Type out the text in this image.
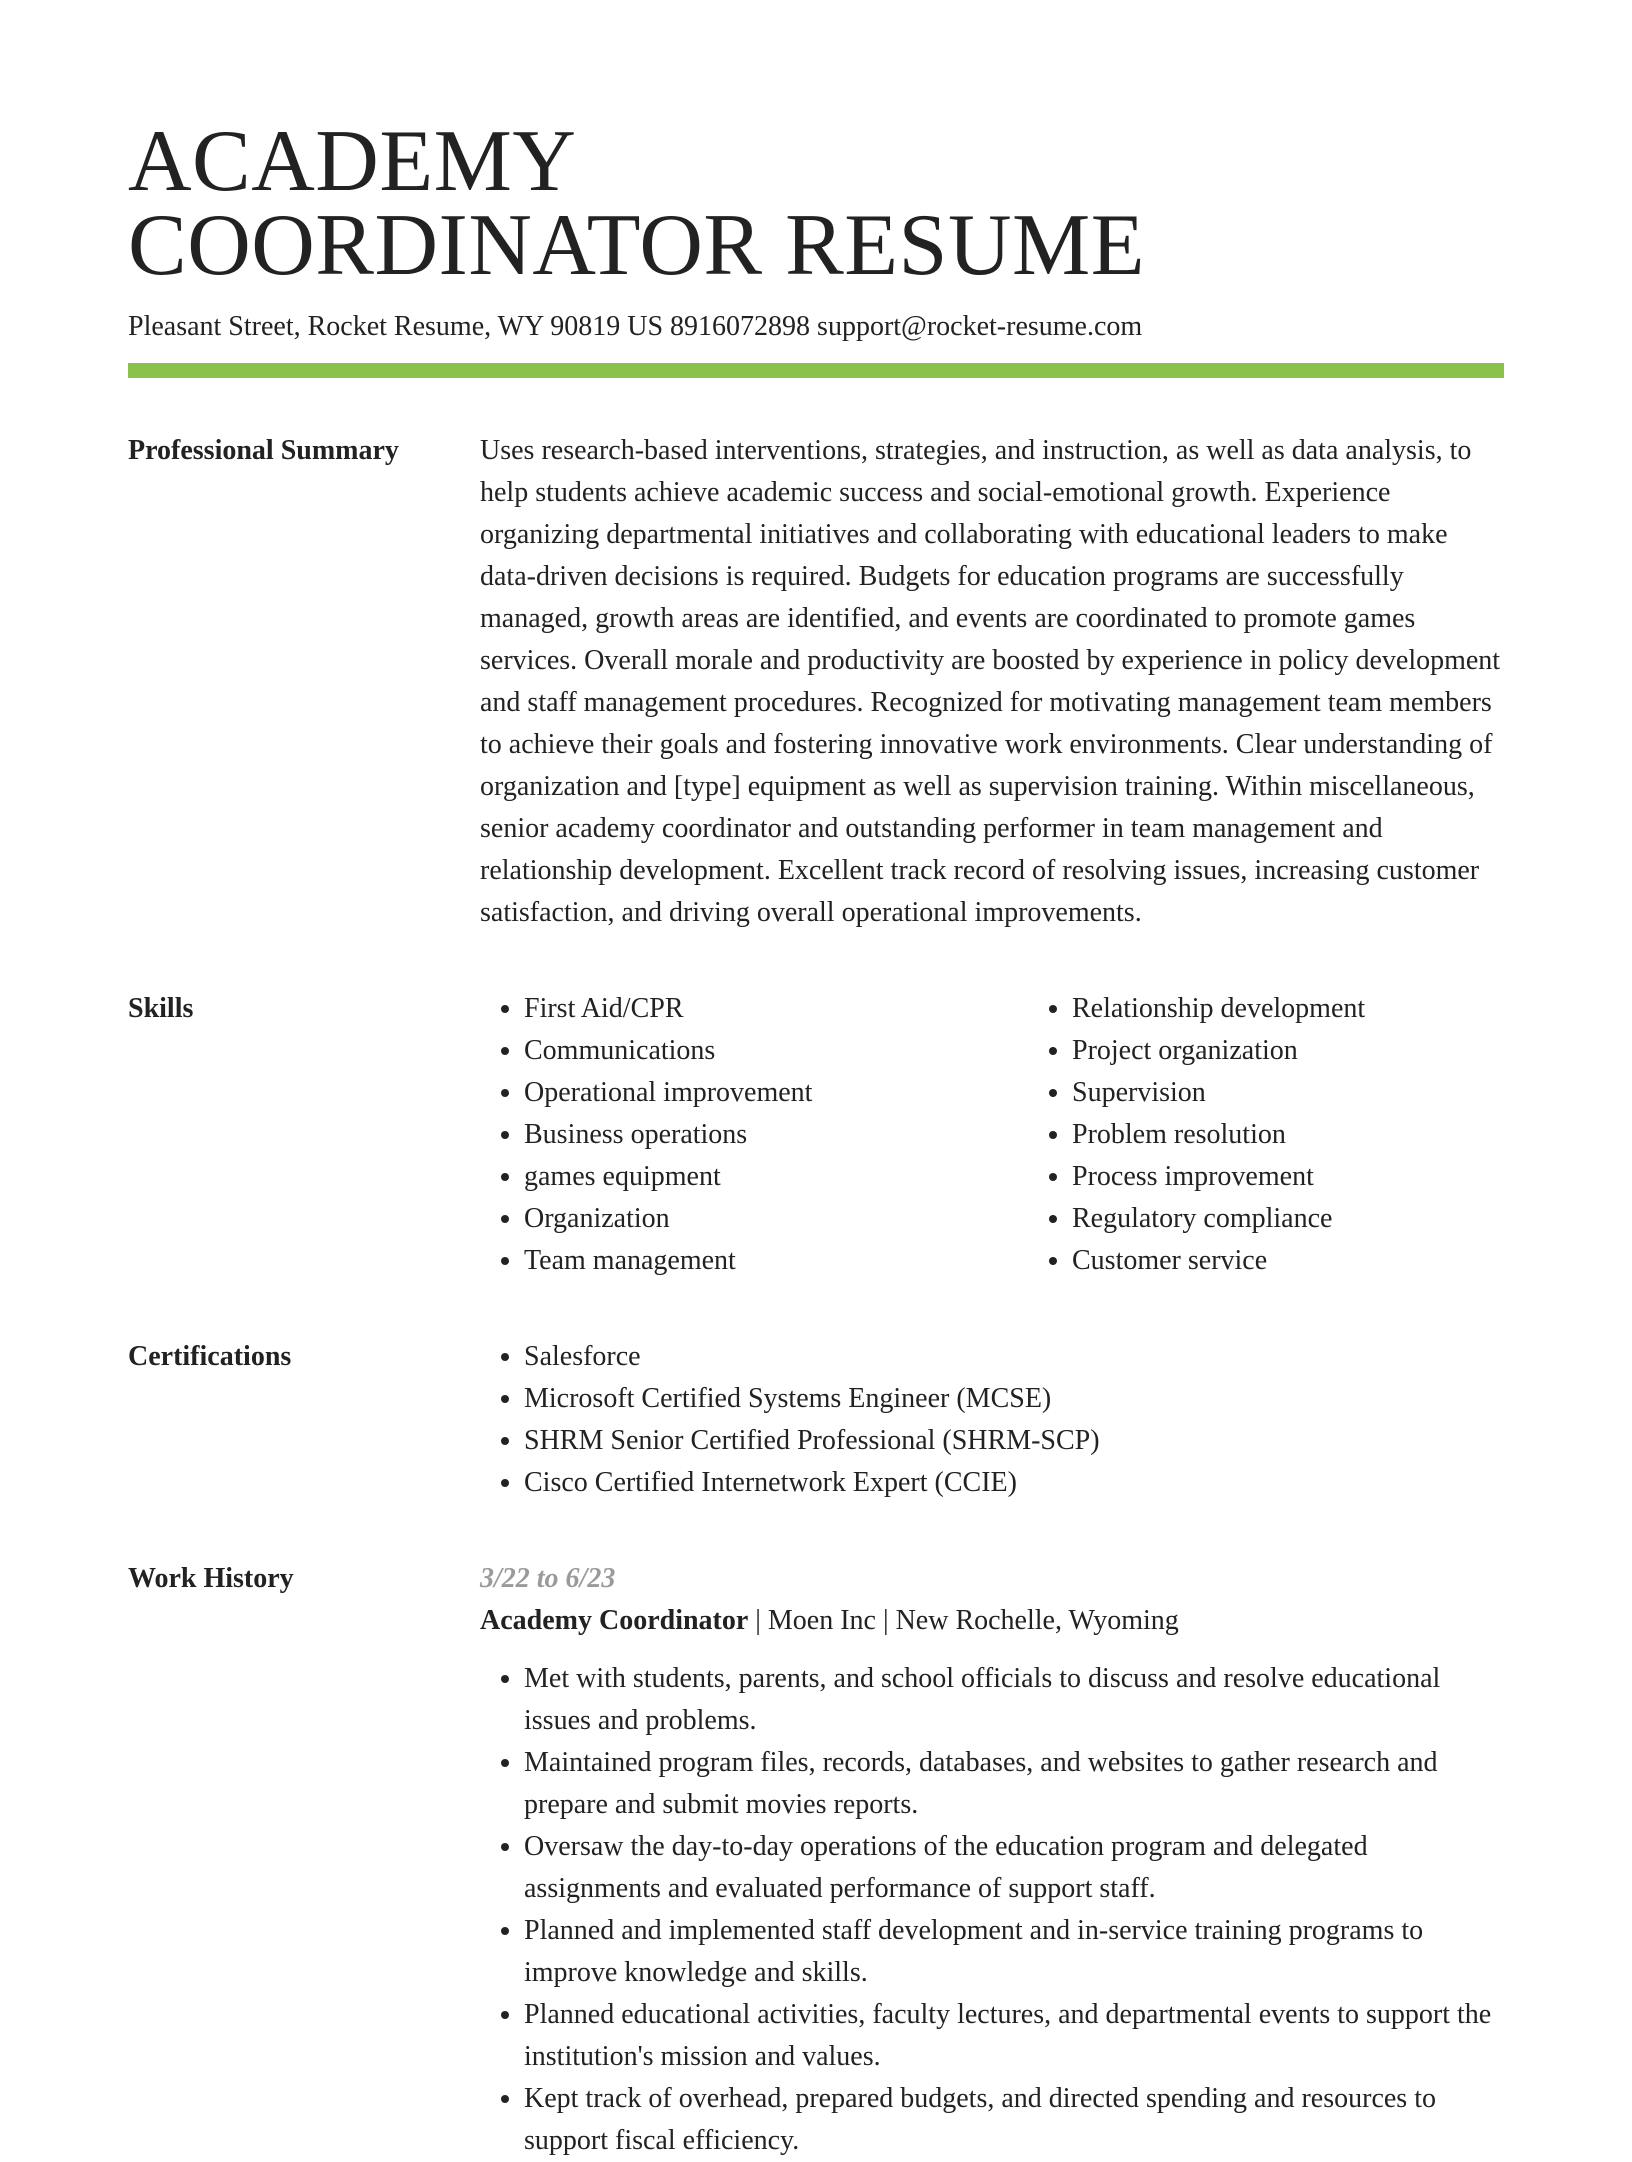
ACADEMY
COORDINATOR RESUME
Pleasant Street, Rocket Resume, WY 90819 US 8916072898 support@rocket-resume.com
Professional Summary	Uses research-based interventions, strategies, and instruction, as well as data analysis, to help students achieve academic success and social-emotional growth. Experience organizing departmental initiatives and collaborating with educational leaders to make data-driven decisions is required. Budgets for education programs are successfully managed, growth areas are identified, and events are coordinated to promote games services. Overall morale and productivity are boosted by experience in policy development and staff management procedures. Recognized for motivating management team members to achieve their goals and fostering innovative work environments. Clear understanding of organization and [type] equipment as well as supervision training. Within miscellaneous, senior academy coordinator and outstanding performer in team management and relationship development. Excellent track record of resolving issues, increasing customer satisfaction, and driving overall operational improvements.

Skills	• First Aid/CPR
• Communications
• Operational improvement
• Business operations
• games equipment
• Organization
• Team management
• Relationship development
• Project organization
• Supervision
• Problem resolution
• Process improvement
• Regulatory compliance
• Customer service
Certifications	• Salesforce
• Microsoft Certified Systems Engineer (MCSE)
• SHRM Senior Certified Professional (SHRM-SCP)
• Cisco Certified Internetwork Expert (CCIE)
Work History	3/22 to 6/23
Academy Coordinator | Moen Inc | New Rochelle, Wyoming
• Met with students, parents, and school officials to discuss and resolve educational issues and problems.
• Maintained program files, records, databases, and websites to gather research and prepare and submit movies reports.
• Oversaw the day-to-day operations of the education program and delegated assignments and evaluated performance of support staff.
• Planned and implemented staff development and in-service training programs to improve knowledge and skills.
• Planned educational activities, faculty lectures, and departmental events to support the institution's mission and values.
• Kept track of overhead, prepared budgets, and directed spending and resources to support fiscal efficiency.
